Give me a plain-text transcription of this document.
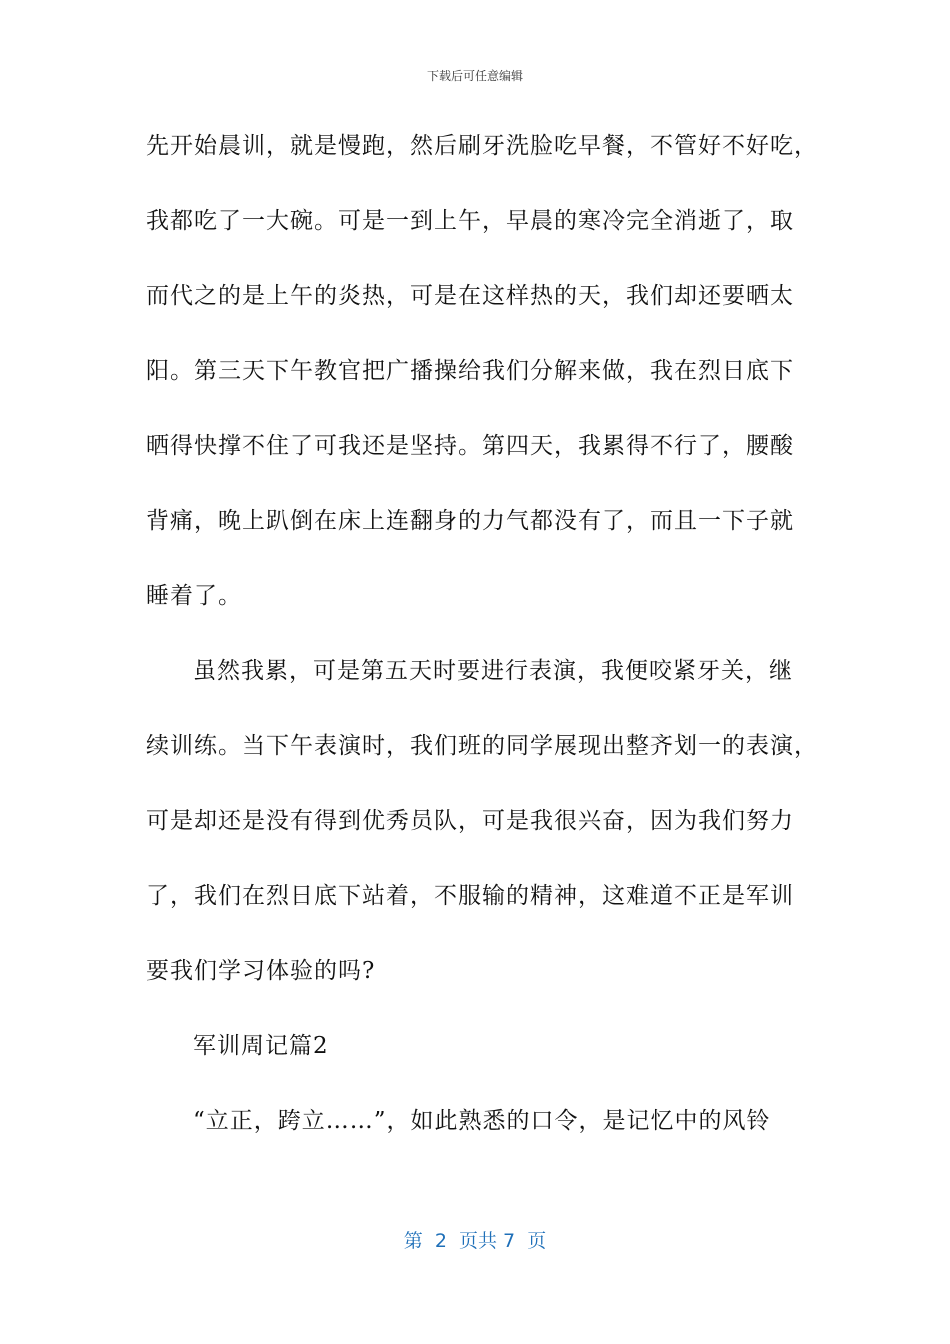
下载后可任意编辑
先开始晨训，就是慢跑，然后刷牙洗脸吃早餐，不管好不好吃，
我都吃了一大碗。可是一到上午，早晨的寒冷完全消逝了，取
而代之的是上午的炎热，可是在这样热的天，我们却还要晒太
阳。第三天下午教官把广播操给我们分解来做，我在烈日底下
晒得快撑不住了可我还是坚持。第四天，我累得不行了，腰酸
背痛，晚上趴倒在床上连翻身的力气都没有了，而且一下子就
睡着了。
虽然我累，可是第五天时要进行表演，我便咬紧牙关，继
续训练。当下午表演时，我们班的同学展现出整齐划一的表演，
可是却还是没有得到优秀员队，可是我很兴奋，因为我们努力
了，我们在烈日底下站着，不服输的精神，这难道不正是军训
要我们学习体验的吗?
军训周记篇2
“立正，跨立……”，如此熟悉的口令，是记忆中的风铃
第  2  页共 7  页
